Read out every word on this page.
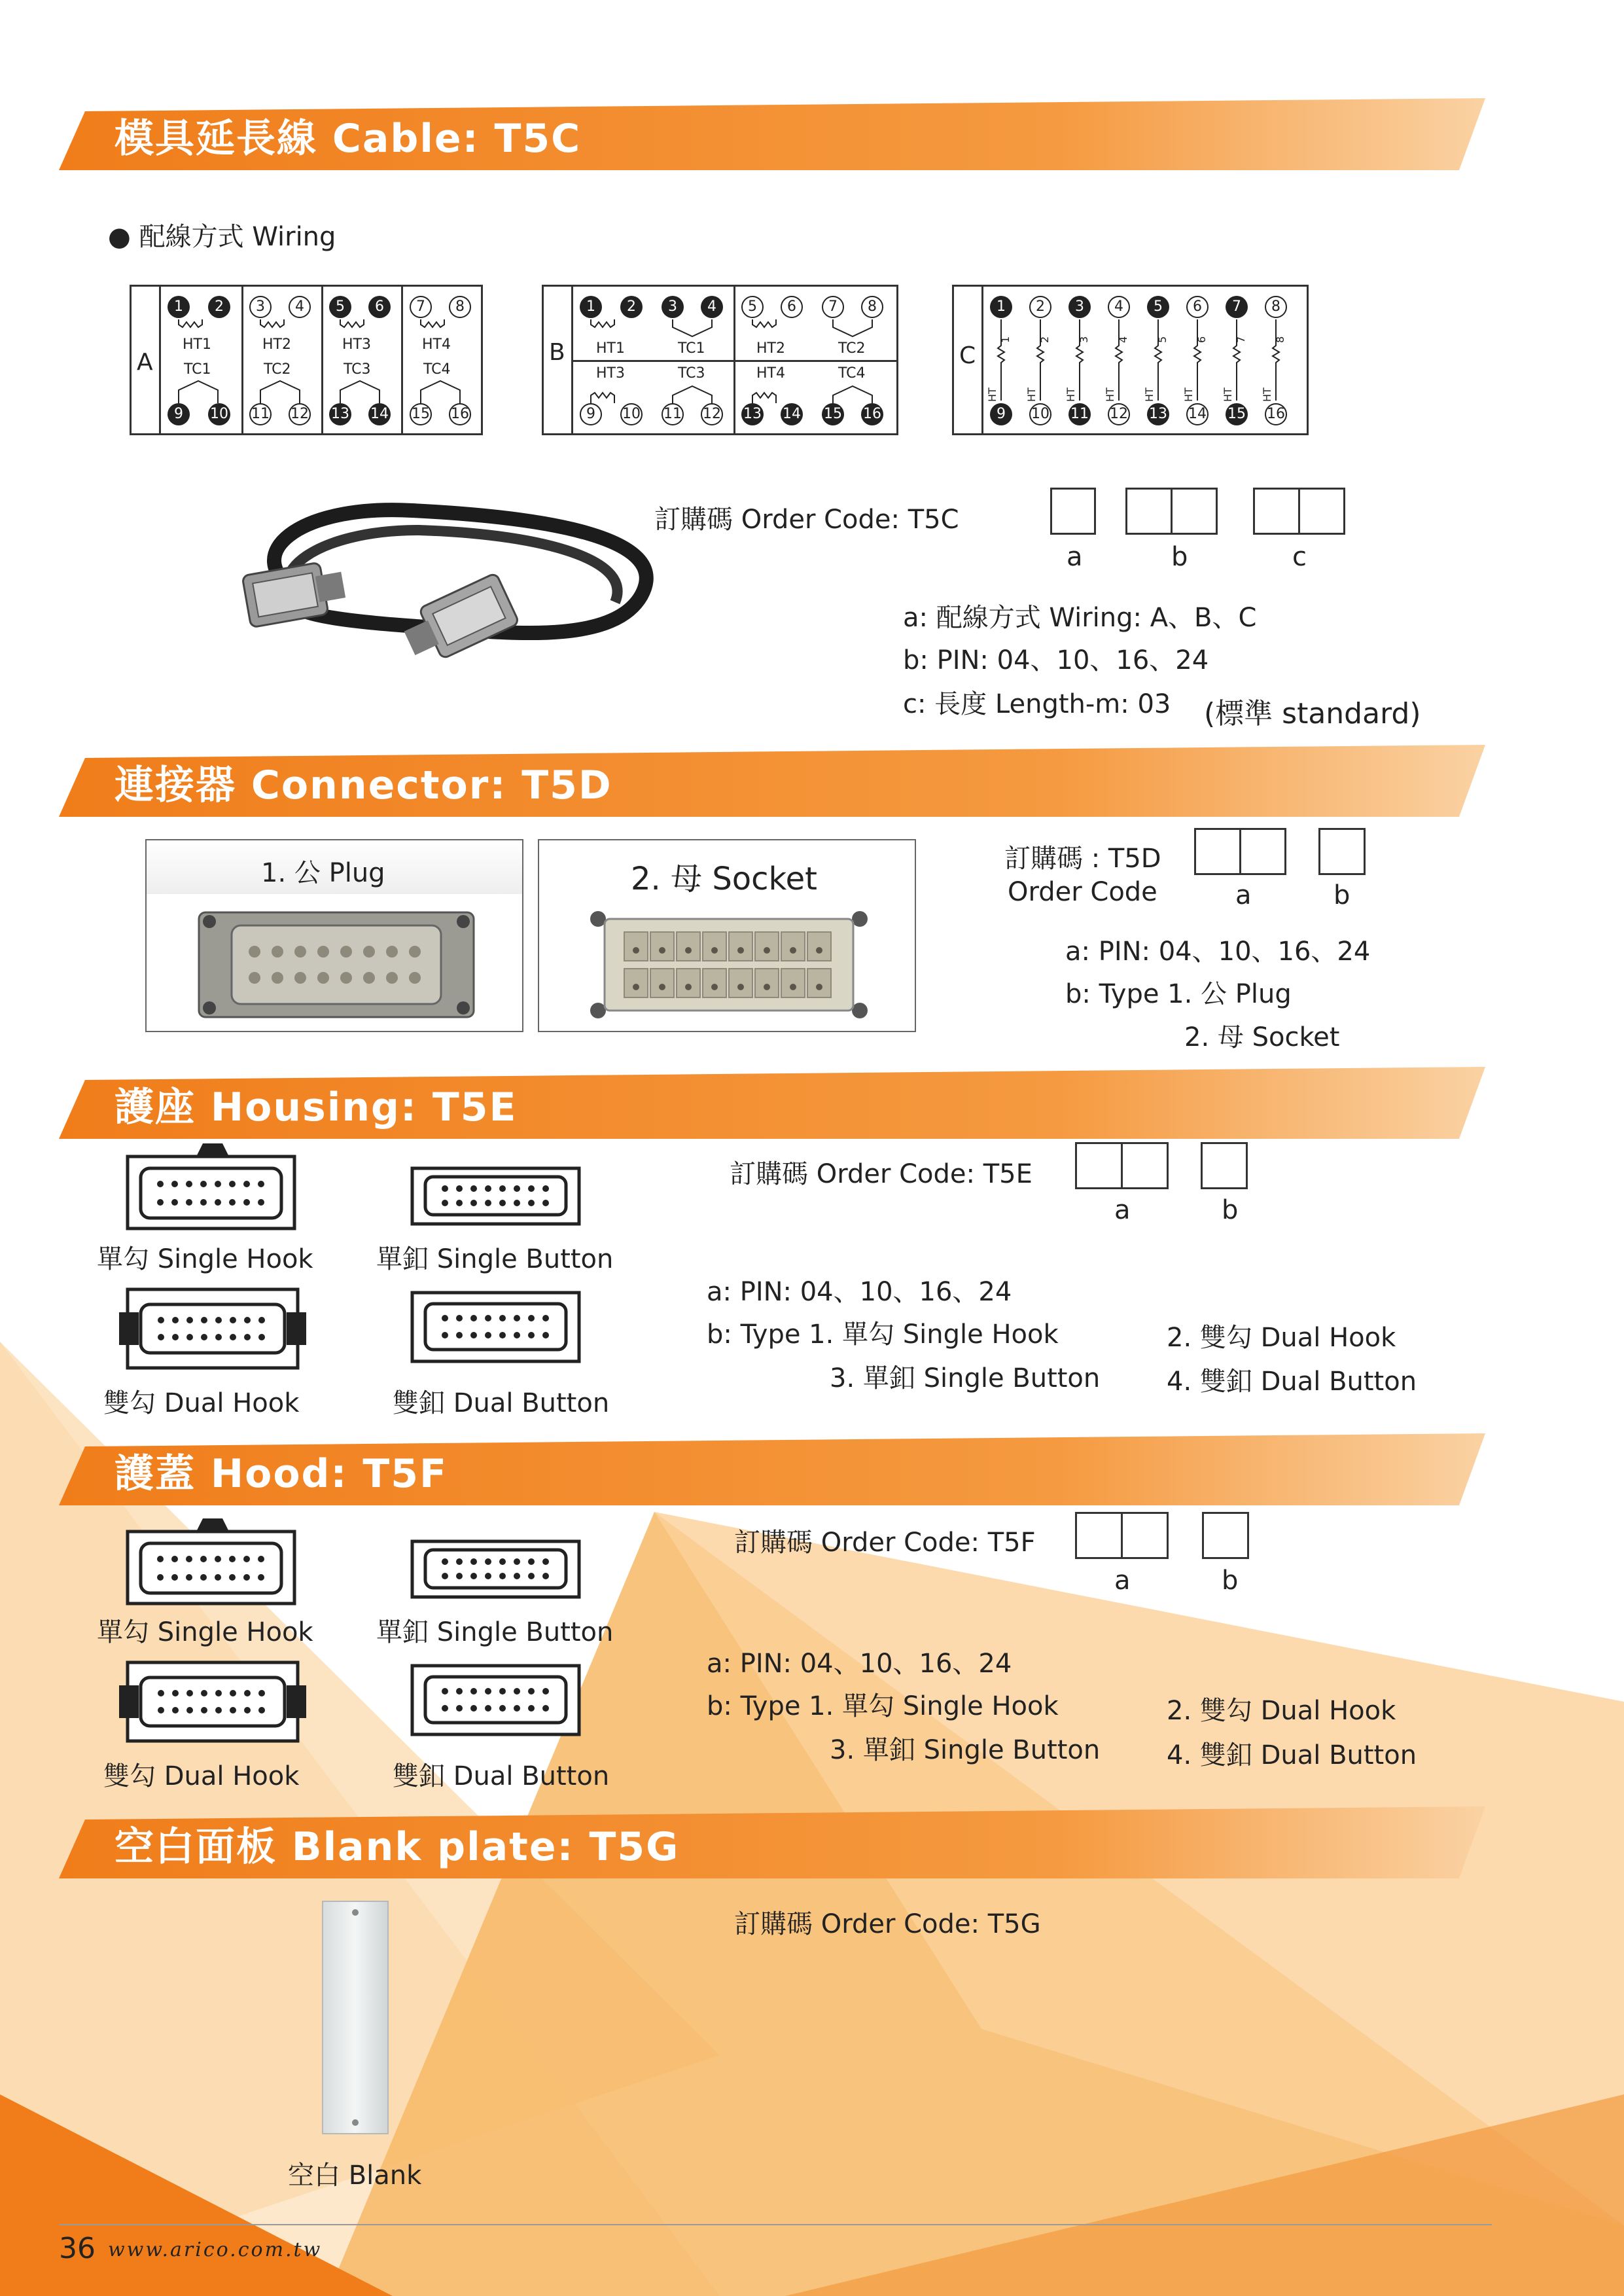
模具延長線 Cable: T5C
連接器 Connector: T5D
護座 Housing: T5E
護蓋 Hood: T5F
空白面板 Blank plate: T5G
● 配線方式 Wiring
A
1	2	3	4	5	6	7	8
HT1	HT2	HT3	HT4
TC1	TC2	TC3	TC4
9	10 11 12 13 14 15 16
B
1	2	3	4	5	6	7	8
HT1	TC1	HT2	TC2
HT3	TC3	HT4	TC4
9	10 11 12 13 14 15 16
C
1	2	3	4	5	6	7	8
HT	HT	HT	HT	HT	HT	HT	HT
1	2	3	4	5	6	7	8
9	10 11 12 13 14 15 16
訂購碼 Order Code: T5C
a	b	c
a: 配線方式 Wiring: A、B、C
b: PIN: 04、10、16、24
c: 長度 Length-m: 03 (標準 standard)
1. 公 Plug	2. 母 Socket
訂購碼 : T5D
Order Code	a	b
a: PIN: 04、10、16、24
b: Type 1. 公 Plug
2. 母 Socket
單勾 Single Hook 單釦 Single Button
雙勾 Dual Hook	雙釦 Dual Button
訂購碼 Order Code: T5E
a	b
a: PIN: 04、10、16、24
b: Type 1. 單勾 Single Hook
3. 單釦 Single Button
2. 雙勾 Dual Hook
4. 雙釦 Dual Button
單勾 Single Hook 單釦 Single Button
雙勾 Dual Hook	雙釦 Dual Button
訂購碼 Order Code: T5F
a	b
a: PIN: 04、10、16、24
b: Type 1. 單勾 Single Hook
3. 單釦 Single Button
2. 雙勾 Dual Hook
4. 雙釦 Dual Button
空白 Blank
訂購碼 Order Code: T5G
36 www.arico.com.tw
